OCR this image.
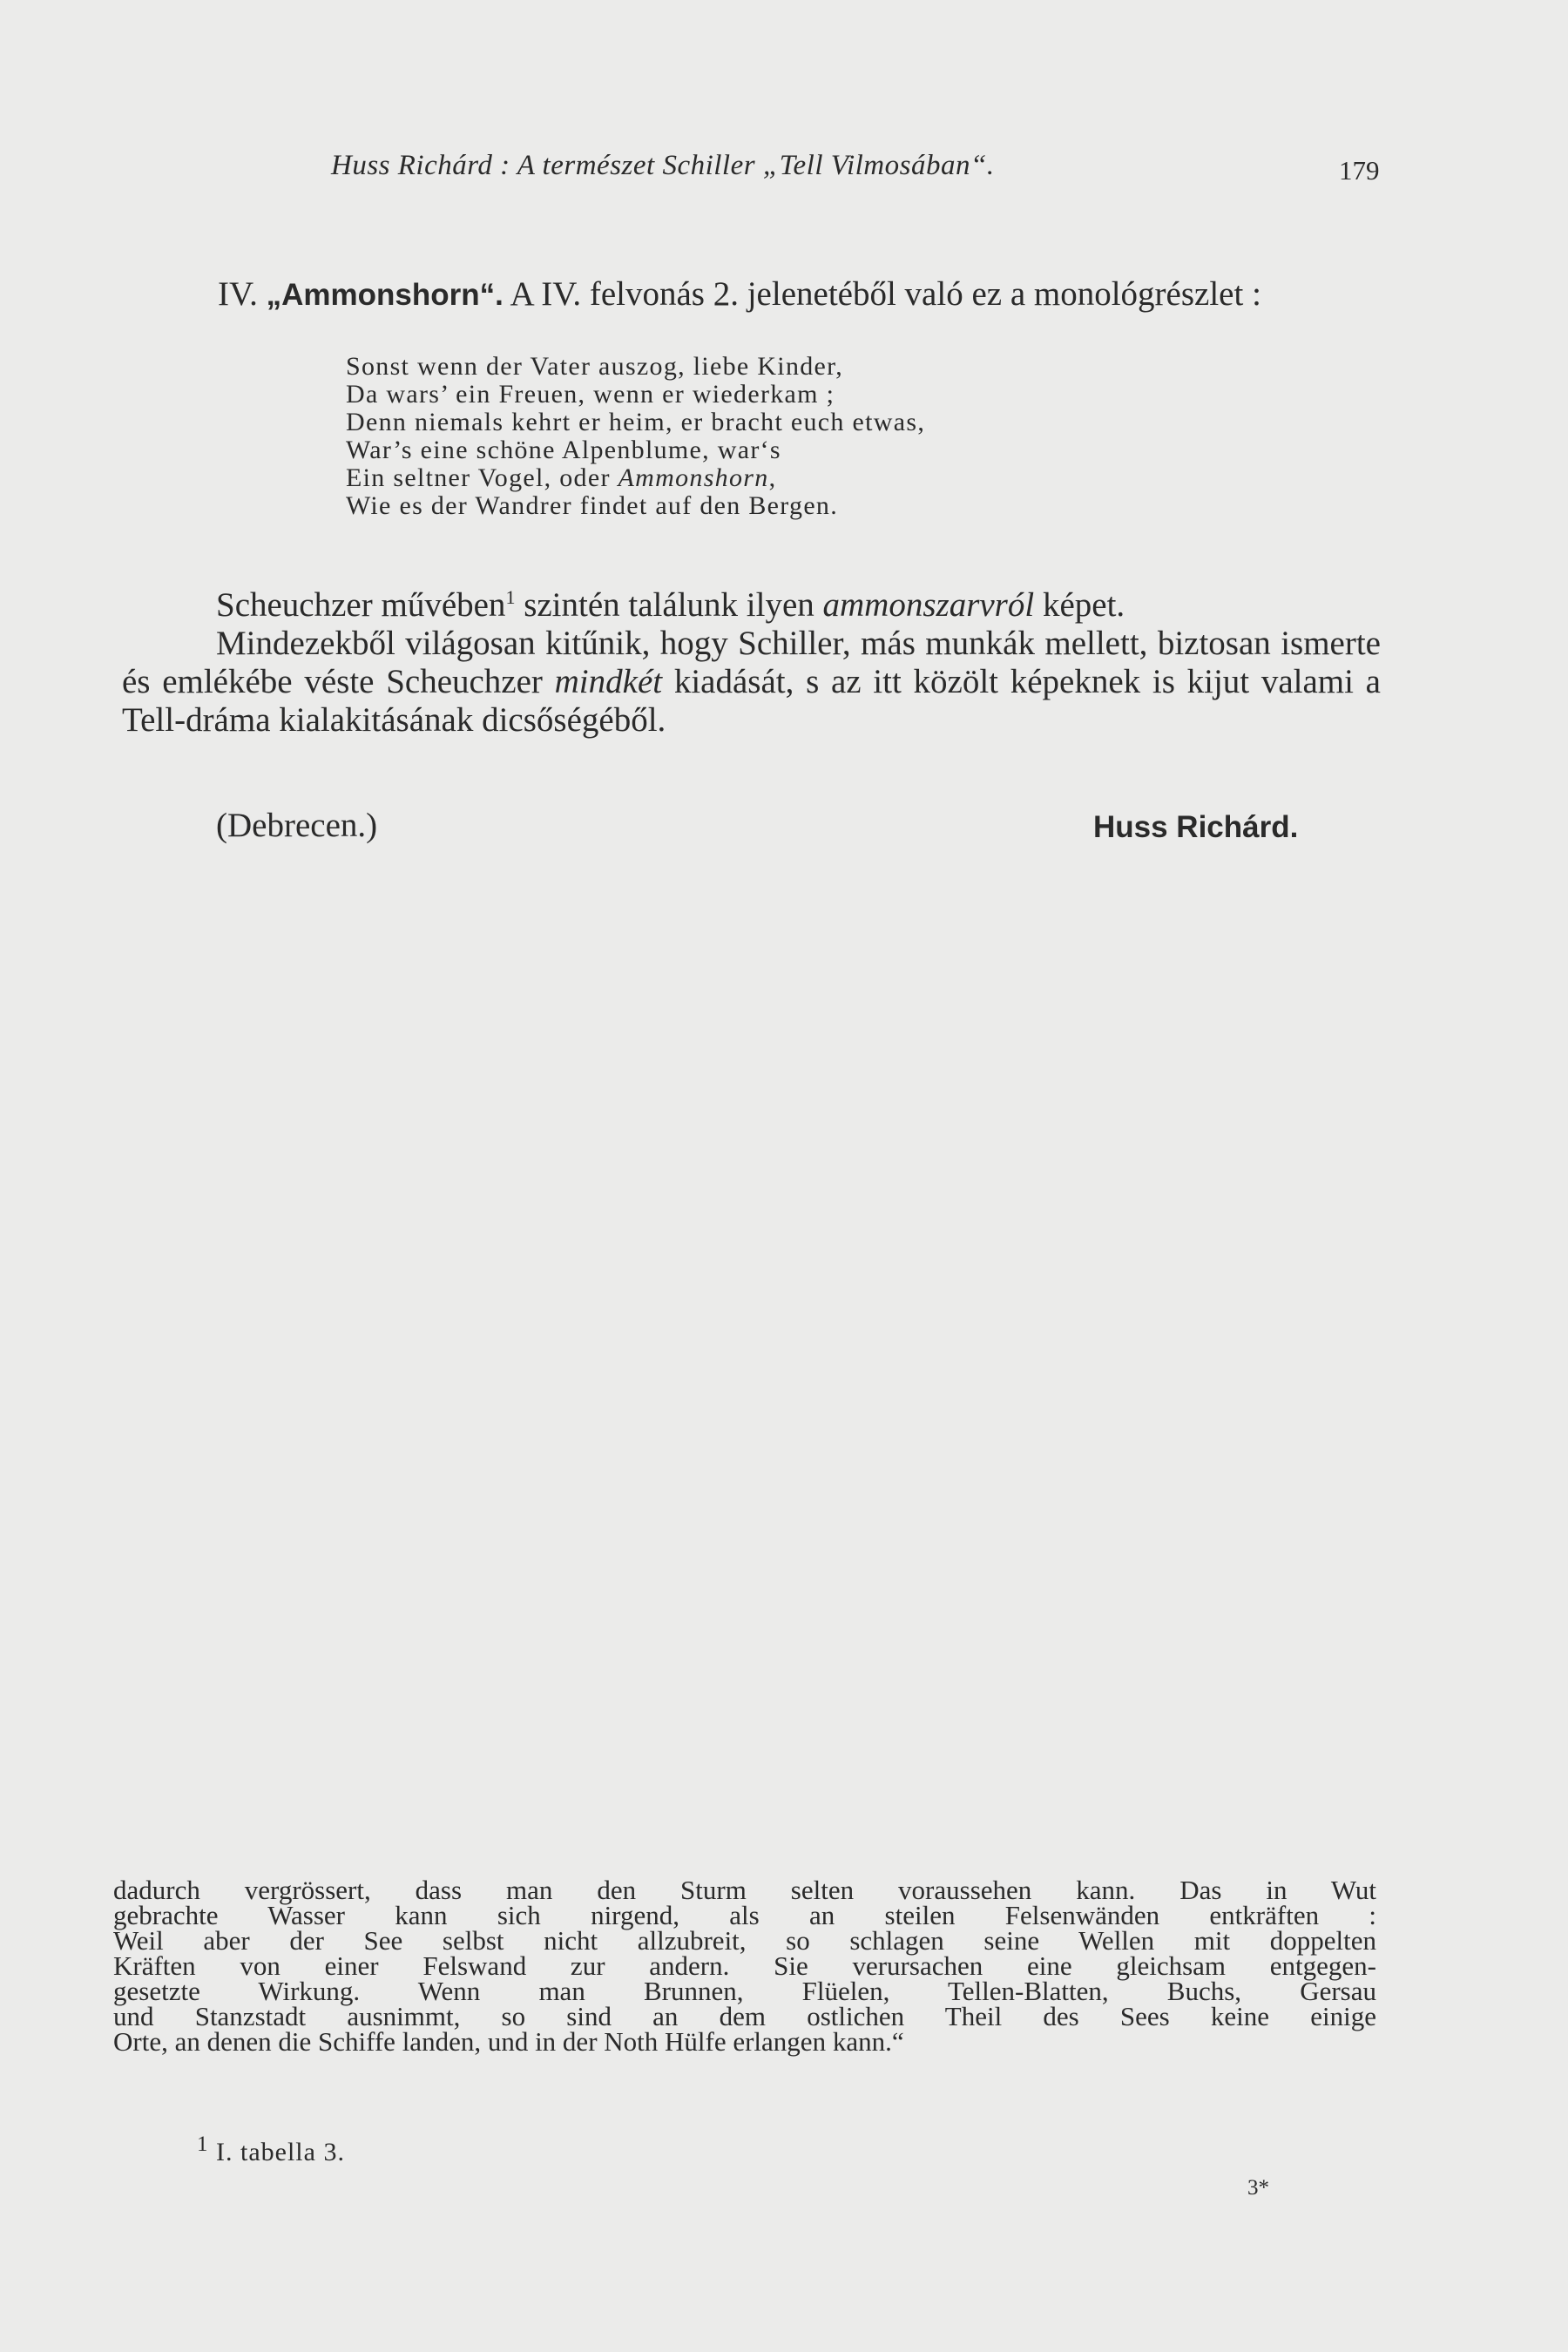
Huss Richárd : A természet Schiller „Tell Vilmosában“.	179
IV. „Ammonshorn“. A IV. felvonás 2. jelenetéből való ez a monológrészlet :
Sonst wenn der Vater auszog, liebe Kinder,
Da wars’ ein Freuen, wenn er wiederkam ;
Denn niemals kehrt er heim, er bracht euch etwas,
War’s eine schöne Alpenblume, war‘s
Ein seltner Vogel, oder Ammonshorn,
Wie es der Wandrer findet auf den Bergen.

Scheuchzer művében$^1$ szintén találunk ilyen ammonszarvról képet.

Mindezekből világosan kitűnik, hogy Schiller, más munkák mellett, biztosan ismerte és emlékébe véste Scheuchzer mindkét kiadását, s az itt közölt képeknek is kijut valami a Tell-dráma kialakitásának dicsőségéből.

(Debrecen.)	Huss Richárd.
dadurch vergrössert, dass man den Sturm selten voraussehen kann. Das in Wut
gebrachte Wasser kann sich nirgend, als an steilen Felsenwänden entkräften :
Weil aber der See selbst nicht allzubreit, so schlagen seine Wellen mit doppelten
Kräften von einer Felswand zur andern. Sie verursachen eine gleichsam entgegen-
gesetzte Wirkung. Wenn man Brunnen, Flüelen, Tellen-Blatten, Buchs, Gersau
und Stanzstadt ausnimmt, so sind an dem ostlichen Theil des Sees keine einige
Orte, an denen die Schiffe landen, und in der Noth Hülfe erlangen kann.“
$^1$ I. tabella 3.
3*
